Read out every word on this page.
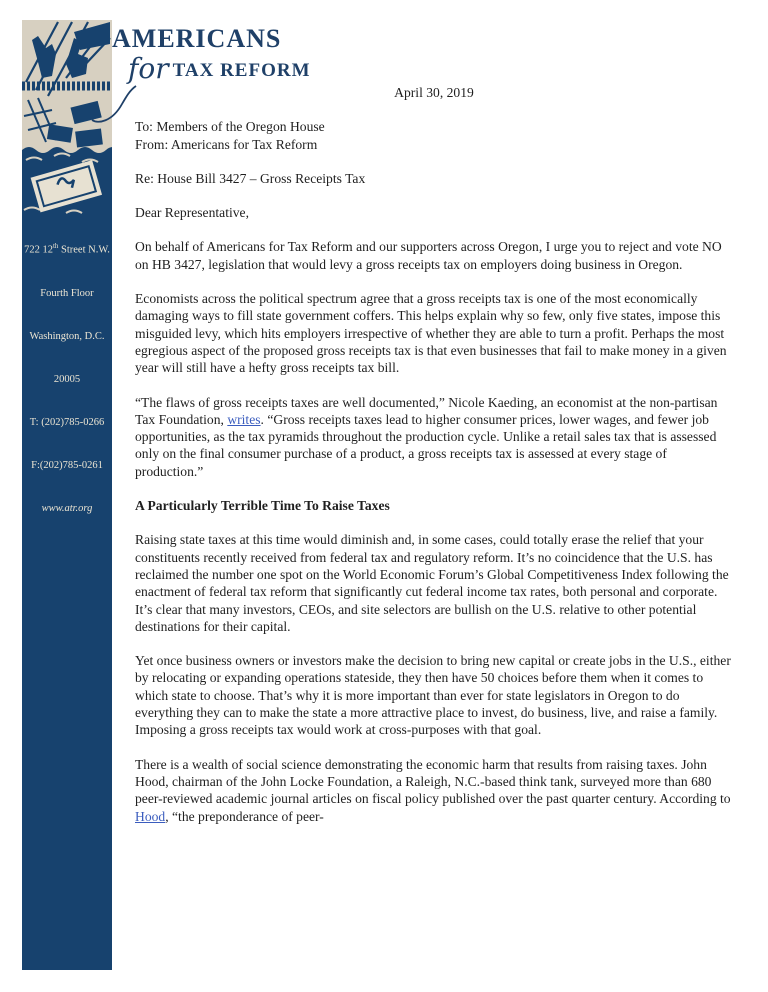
722 12th Street N.W.
Fourth Floor
Washington, D.C.
20005
T: (202)785-0266
F:(202)785-0261
www.atr.org
AMERICANS
for TAX REFORM

April 30, 2019

To: Members of the Oregon House
From: Americans for Tax Reform

Re: House Bill 3427 – Gross Receipts Tax

Dear Representative,

On behalf of Americans for Tax Reform and our supporters across Oregon, I urge you to reject and vote NO on HB 3427, legislation that would levy a gross receipts tax on employers doing business in Oregon.

Economists across the political spectrum agree that a gross receipts tax is one of the most economically damaging ways to fill state government coffers. This helps explain why so few, only five states, impose this misguided levy, which hits employers irrespective of whether they are able to turn a profit. Perhaps the most egregious aspect of the proposed gross receipts tax is that even businesses that fail to make money in a given year will still have a hefty gross receipts tax bill.

“The flaws of gross receipts taxes are well documented,” Nicole Kaeding, an economist at the non-partisan Tax Foundation, writes. “Gross receipts taxes lead to higher consumer prices, lower wages, and fewer job opportunities, as the tax pyramids throughout the production cycle. Unlike a retail sales tax that is assessed only on the final consumer purchase of a product, a gross receipts tax is assessed at every stage of production.”

A Particularly Terrible Time To Raise Taxes

Raising state taxes at this time would diminish and, in some cases, could totally erase the relief that your constituents recently received from federal tax and regulatory reform. It’s no coincidence that the U.S. has reclaimed the number one spot on the World Economic Forum’s Global Competitiveness Index following the enactment of federal tax reform that significantly cut federal income tax rates, both personal and corporate. It’s clear that many investors, CEOs, and site selectors are bullish on the U.S. relative to other potential destinations for their capital.

Yet once business owners or investors make the decision to bring new capital or create jobs in the U.S., either by relocating or expanding operations stateside, they then have 50 choices before them when it comes to which state to choose. That’s why it is more important than ever for state legislators in Oregon to do everything they can to make the state a more attractive place to invest, do business, live, and raise a family. Imposing a gross receipts tax would work at cross-purposes with that goal.

There is a wealth of social science demonstrating the economic harm that results from raising taxes. John Hood, chairman of the John Locke Foundation, a Raleigh, N.C.-based think tank, surveyed more than 680 peer-reviewed academic journal articles on fiscal policy published over the past quarter century. According to Hood, “the preponderance of peer-
